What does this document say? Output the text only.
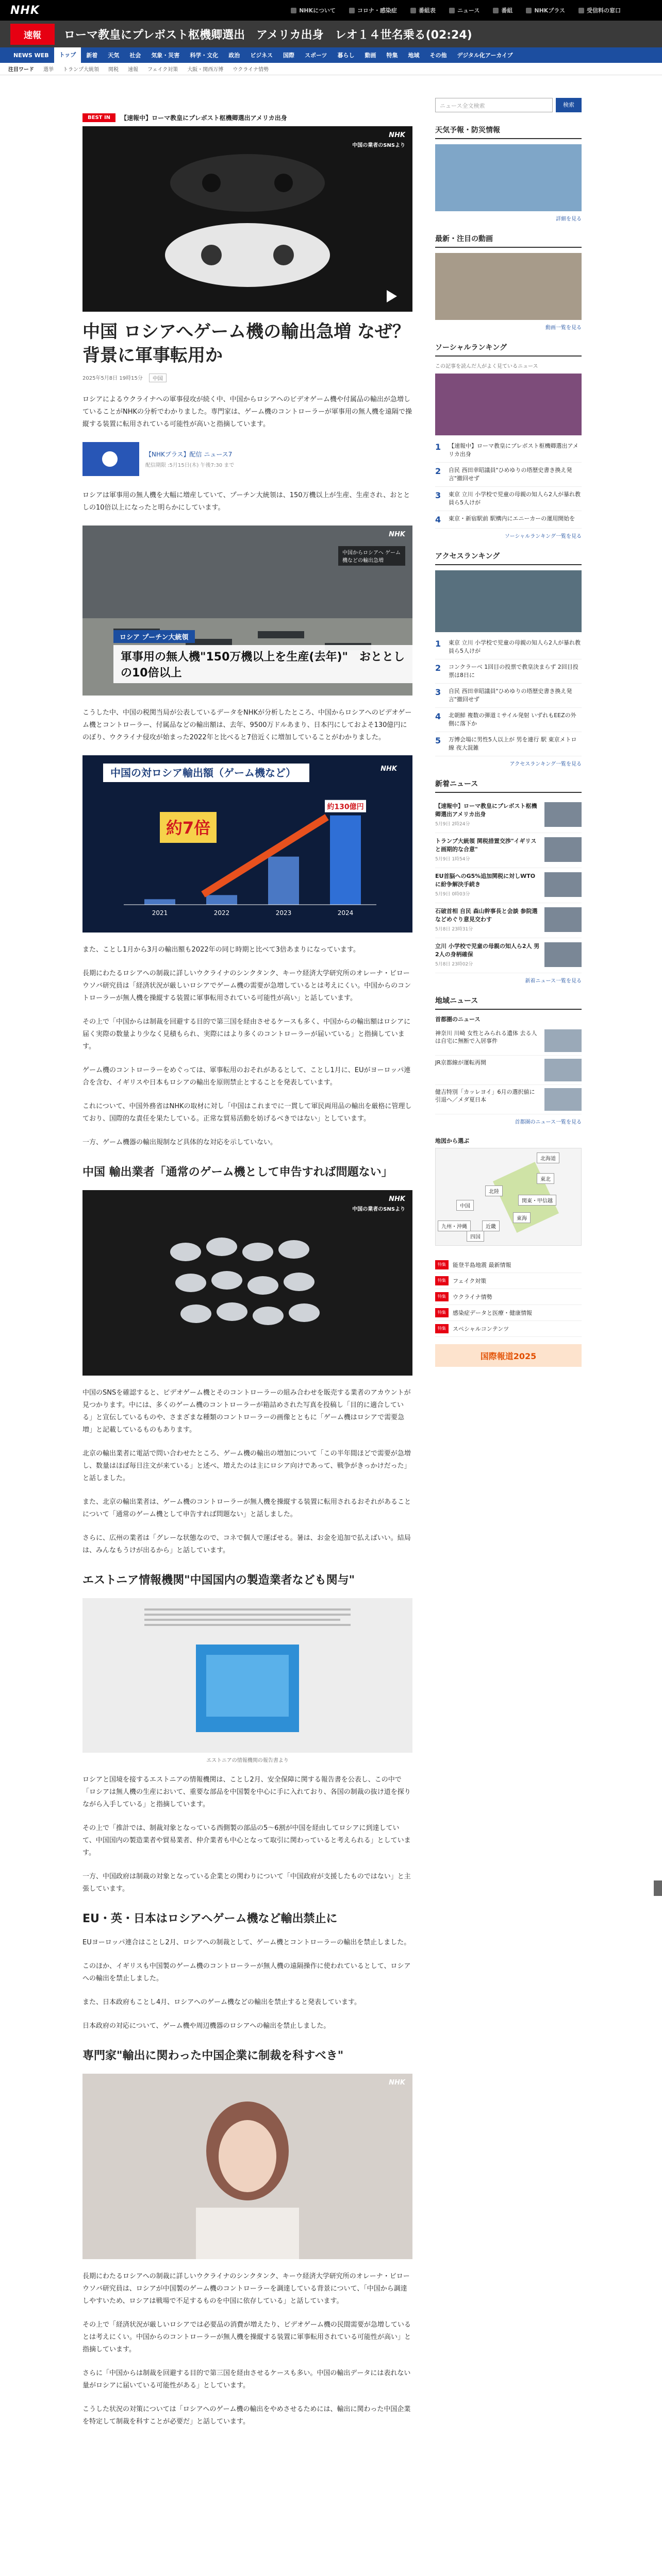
NHK	NHKについて	コロナ・感染症	番組表	ニュース	番組	NHKプラス	受信料の窓口
速報	ローマ教皇にプレボスト枢機卿選出　アメリカ出身　レオ１４世名乗る(02:24)
NEWS WEB	トップ	新着	天気	社会	気象・災害	科学・文化	政治	ビジネス	国際	スポーツ	暮らし	動画	特集	地域	その他	デジタル化アーカイブ
注目ワード 選挙 トランプ大統領 関税 速報 フェイク対策 大阪・関西万博 ウクライナ情勢
BEST IN	【速報中】ローマ教皇にプレボスト枢機卿選出アメリカ出身
NHK
中国の業者のSNSより
中国 ロシアへゲーム機の輸出急増 なぜ？背景に軍事転用か
2025年5月8日 19時15分	中国

ロシアによるウクライナへの軍事侵攻が続く中、中国からロシアへのビデオゲーム機や付属品の輸出が急増していることがNHKの分析でわかりました。専門家は、ゲーム機のコントローラーが軍事用の無人機を遠隔で操縦する装置に転用されている可能性が高いと指摘しています。

【NHKプラス】配信 ニュース7
配信期限 :5月15日(木) 午後7:30 まで

ロシアは軍事用の無人機を大幅に増産していて、プーチン大統領は、150万機以上が生産、生産され、おととしの10倍以上になったと明らかにしています。

NHK
中国からロシアへ ゲーム機などの輸出急増
ロシア プーチン大統領
軍事用の無人機"150万機以上を生産(去年)"　おととしの10倍以上

こうした中、中国の税関当局が公表しているデータをNHKが分析したところ、中国からロシアへのビデオゲーム機とコントローラー、付属品などの輸出額は、去年、9500万ドルあまり、日本円にしておよそ130億円にのぼり、ウクライナ侵攻が始まった2022年と比べると7倍近くに増加していることがわかりました。

中国の対ロシア輸出額（ゲーム機など）
2021	2022	2023	2024
約7倍
約130億円
NHK

また、ことし1月から3月の輸出額も2022年の同じ時期と比べて3倍あまりになっています。

長期にわたるロシアへの制裁に詳しいウクライナのシンクタンク、キーウ経済大学研究所のオレーナ・ビローウソバ研究員は「経済状況が厳しいロシアでゲーム機の需要が急増しているとは考えにくい。中国からのコントローラーが無人機を操縦する装置に軍事転用されている可能性が高い」と話しています。

その上で「中国からは制裁を回避する目的で第三国を経由させるケースも多く、中国からの輸出額はロシアに届く実際の数量より少なく見積もられ、実際にはより多くのコントローラーが届いている」と指摘しています。

ゲーム機のコントローラーをめぐっては、軍事転用のおそれがあるとして、ことし1月に、EUがヨーロッパ連合を含む、イギリスや日本もロシアの輸出を原則禁止とすることを発表しています。

これについて、中国外務省はNHKの取材に対し「中国はこれまでに一貫して軍民両用品の輸出を厳格に管理しており、国際的な責任を果たしている。正常な貿易活動を妨げるべきではない」としています。

一方、ゲーム機器の輸出規制など具体的な対応を示していない。

中国 輸出業者「通常のゲーム機として申告すれば問題ない」
NHK
中国の業者のSNSより

中国のSNSを確認すると、ビデオゲーム機とそのコントローラーの組み合わせを販売する業者のアカウントが見つかります。中には、多くのゲーム機のコントローラーが箱詰めされた写真を投稿し「目的に適合している」と宣伝しているものや、さまざまな種類のコントローラーの画像とともに「ゲーム機はロシアで需要急増」と記載しているものもあります。

北京の輸出業者に電話で問い合わせたところ、ゲーム機の輸出の増加について「この半年間ほどで需要が急増し、数量はほぼ毎日注文が来ている」と述べ、増えたのは主にロシア向けであって、戦争がきっかけだった」と話しました。

また、北京の輸出業者は、ゲーム機のコントローラーが無人機を操縦する装置に転用されるおそれがあることについて「通常のゲーム機として申告すれば問題ない」と話しました。

さらに、広州の業者は「グレーな状態なので、コネで個人で運ばせる。暑は、お金を追加で払えばいい。結局は、みんなもうけが出るから」と話しています。

エストニア情報機関"中国国内の製造業者なども関与"
エストニアの情報機関の報告書より

ロシアと国境を接するエストニアの情報機関は、ことし2月、安全保障に関する報告書を公表し、この中で「ロシアは無人機の生産において、重要な部品を中国製を中心に手に入れており、各国の制裁の抜け道を探りながら入手している」と指摘しています。

その上で「推計では、制裁対象となっている西側製の部品の5～6割が中国を経由してロシアに到達していて、中国国内の製造業者や貿易業者、仲介業者も中心となって取引に関わっていると考えられる」としています。

一方、中国政府は制裁の対象となっている企業との関わりについて「中国政府が支援したものではない」と主張しています。

EU・英・日本はロシアへゲーム機など輸出禁止に

EUヨーロッパ連合はことし2月、ロシアへの制裁として、ゲーム機とコントローラーの輸出を禁止しました。

このほか、イギリスも中国製のゲーム機のコントローラーが無人機の遠隔操作に使われているとして、ロシアへの輸出を禁止しました。

また、日本政府もことし4月、ロシアへのゲーム機などの輸出を禁止すると発表しています。

日本政府の対応について、ゲーム機や周辺機器のロシアへの輸出を禁止しました。

専門家"輸出に関わった中国企業に制裁を科すべき"
NHK

長期にわたるロシアへの制裁に詳しいウクライナのシンクタンク、キーウ経済大学研究所のオレーナ・ビローウソバ研究員は、ロシアが中国製のゲーム機のコントローラーを調達している背景について、「中国から調達しやすいため、ロシアは戦場で不足するものを中国に依存している」と話しています。

その上で「経済状況が厳しいロシアでは必要品の消費が増えたり、ビデオゲーム機の民間需要が急増しているとは考えにくい。中国からのコントローラーが無人機を操縦する装置に軍事転用されている可能性が高い」と指摘しています。

さらに「中国からは制裁を回避する目的で第三国を経由させるケースも多い。中国の輸出データには表れない量がロシアに届いている可能性がある」としています。

こうした状況の対策については「ロシアへのゲーム機の輸出をやめさせるためには、輸出に関わった中国企業を特定して制裁を科すことが必要だ」と話しています。

ニュース全文検索	検索
天気予報・防災情報
詳細を見る
最新・注目の動画
動画一覧を見る
ソーシャルランキング
この記事を読んだ人がよく見ているニュース
1	【速報中】ローマ教皇にプレボスト枢機卿選出アメリカ出身
2	自民 西田幸昭議員"ひめゆりの塔歴史書き換え発言"撤回せず
3	東京 立川 小学校で児童の母親の知人ら2人が暴れ教員ら5人けが
4	東京・新宿駅前 駅構内にエニーカーの運用開始を
ソーシャルランキング一覧を見る
アクセスランキング
1	東京 立川 小学校で児童の母親の知人ら2人が暴れ教員ら5人けが
2	コンクラーベ 1回目の投票で教皇決まらず 2回目投票は8日に
3	自民 西田幸昭議員"ひめゆりの塔歴史書き換え発言"撤回せず
4	北朝鮮 複数の弾道ミサイル発射 いずれもEEZの外側に落下か
5	万博会場に男性5人以上が 男を連行 駅 東京メトロ線 夜大混雑
アクセスランキング一覧を見る
新着ニュース
【速報中】ローマ教皇にプレボスト枢機卿選出アメリカ出身
5月9日 2時24分
トランプ大統領 関税措置交渉"イギリスと画期的な合意"
5月9日 1時54分
EU首脳へのG5%追加関税に対しWTOに紛争解決手続き
5月9日 0時03分
石破首相 自民 森山幹事長と会談 参院選などめぐり意見交わす
5月8日 23時31分
立川 小学校で児童の母親の知人ら2人 男2人の身柄確保
5月8日 23時02分
新着ニュース一覧を見る
地域ニュース
首都圏のニュース
神奈川 川崎 女性とみられる遺体 去る人は自宅に無断で入居事件
JR京都線が運転再開
健吉特別「カッレヨイ」6月の選択値に引退へ／メダ夏日本
首都圏のニュース一覧を見る
地図から選ぶ
北海道
東北
関東・甲信越
東海
北陸
近畿
中国
四国
九州・沖縄
特集	能登半島地震 最新情報
特集	フェイク対策
特集	ウクライナ情勢
特集	感染症データと医療・健康情報
特集	スペシャルコンテンツ
国際報道2025
